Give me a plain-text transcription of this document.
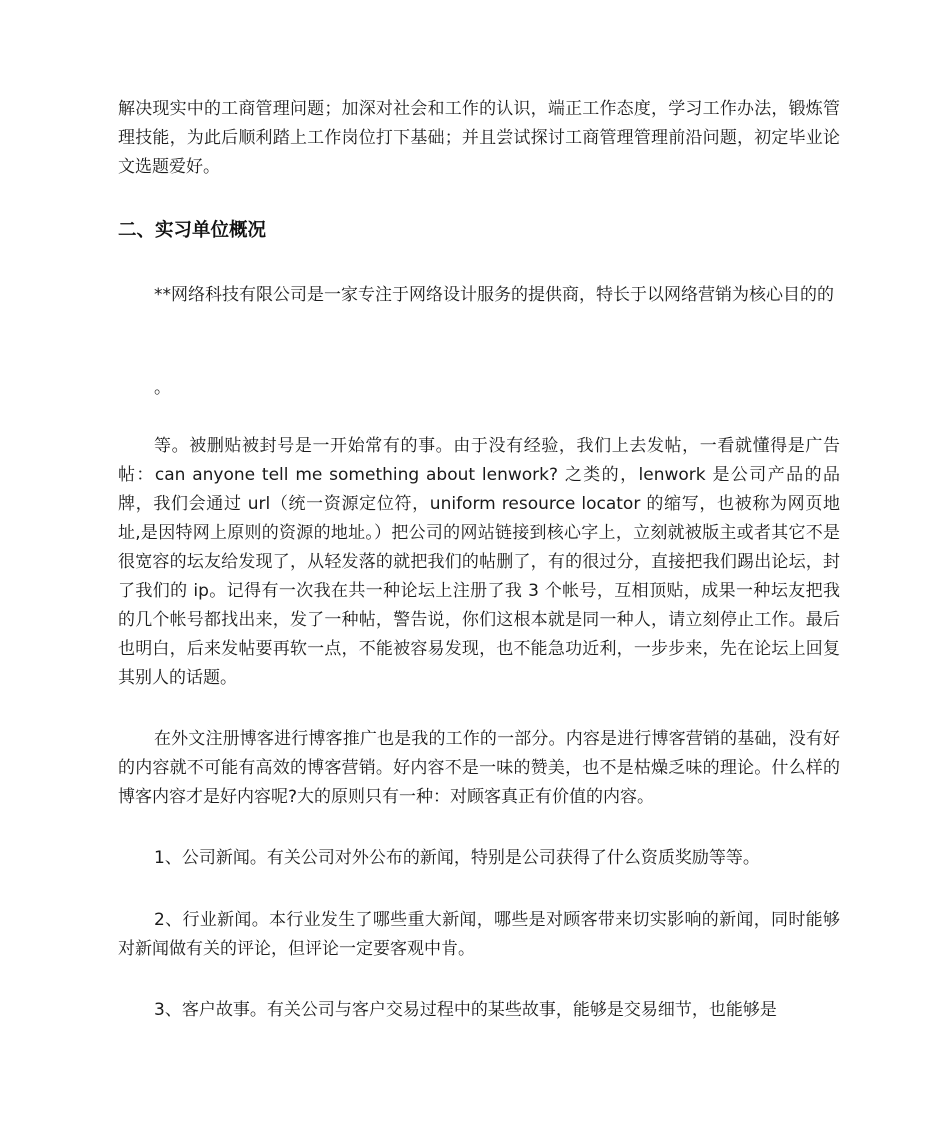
解决现实中的工商管理问题；加深对社会和工作的认识，端正工作态度，学习工作办法，锻炼管理技能，为此后顺利踏上工作岗位打下基础；并且尝试探讨工商管理管理前沿问题，初定毕业论文选题爱好。

二、实习单位概况

**网络科技有限公司是一家专注于网络设计服务的提供商，特长于以网络营销为核心目的的

。

等。被删贴被封号是一开始常有的事。由于没有经验，我们上去发帖，一看就懂得是广告帖：can anyone tell me something about lenwork? 之类的，lenwork 是公司产品的品牌，我们会通过 url（统一资源定位符，uniform resource locator 的缩写，也被称为网页地址,是因特网上原则的资源的地址。）把公司的网站链接到核心字上，立刻就被版主或者其它不是很宽容的坛友给发现了，从轻发落的就把我们的帖删了，有的很过分，直接把我们踢出论坛，封了我们的 ip。记得有一次我在共一种论坛上注册了我 3 个帐号，互相顶贴，成果一种坛友把我的几个帐号都找出来，发了一种帖，警告说，你们这根本就是同一种人，请立刻停止工作。最后也明白，后来发帖要再软一点，不能被容易发现，也不能急功近利，一步步来，先在论坛上回复其别人的话题。

在外文注册博客进行博客推广也是我的工作的一部分。内容是进行博客营销的基础，没有好的内容就不可能有高效的博客营销。好内容不是一味的赞美，也不是枯燥乏味的理论。什么样的博客内容才是好内容呢?大的原则只有一种：对顾客真正有价值的内容。

1、公司新闻。有关公司对外公布的新闻，特别是公司获得了什么资质奖励等等。

2、行业新闻。本行业发生了哪些重大新闻，哪些是对顾客带来切实影响的新闻，同时能够对新闻做有关的评论，但评论一定要客观中肯。

3、客户故事。有关公司与客户交易过程中的某些故事，能够是交易细节，也能够是
